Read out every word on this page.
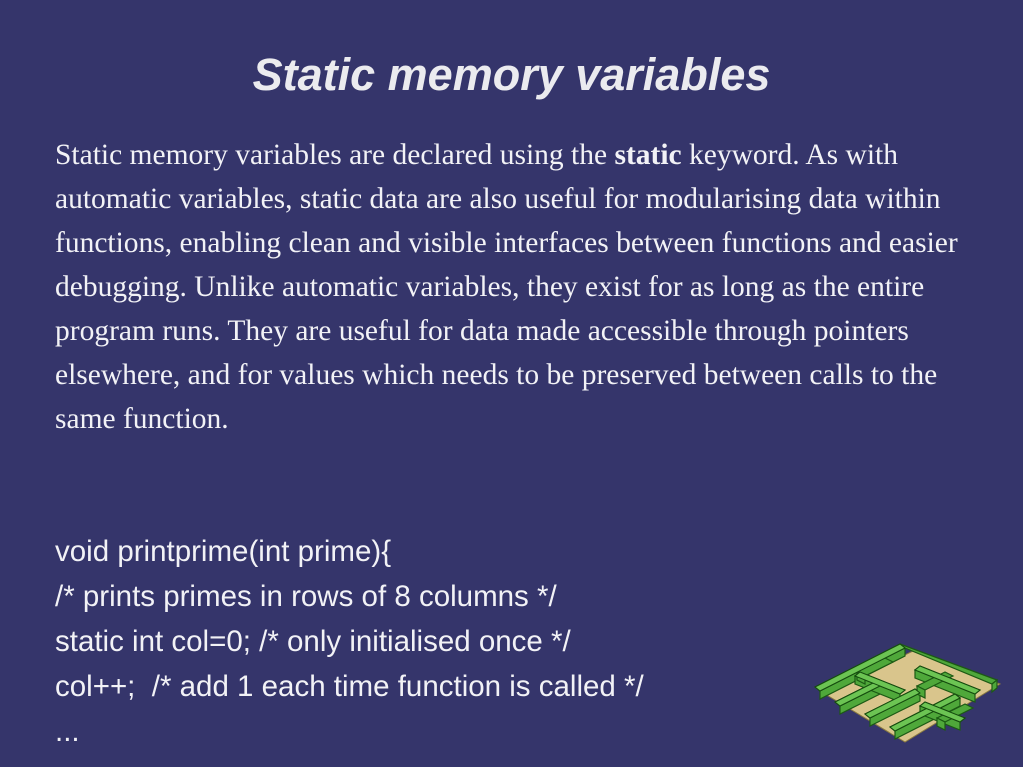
Static memory variables

Static memory variables are declared using the static keyword. As with automatic variables, static data are also useful for modularising data within functions, enabling clean and visible interfaces between functions and easier debugging. Unlike automatic variables, they exist for as long as the entire program runs. They are useful for data made accessible through pointers elsewhere, and for values which needs to be preserved between calls to the same function.

void printprime(int prime){
/* prints primes in rows of 8 columns */
static int col=0; /* only initialised once */
col++;  /* add 1 each time function is called */
...
